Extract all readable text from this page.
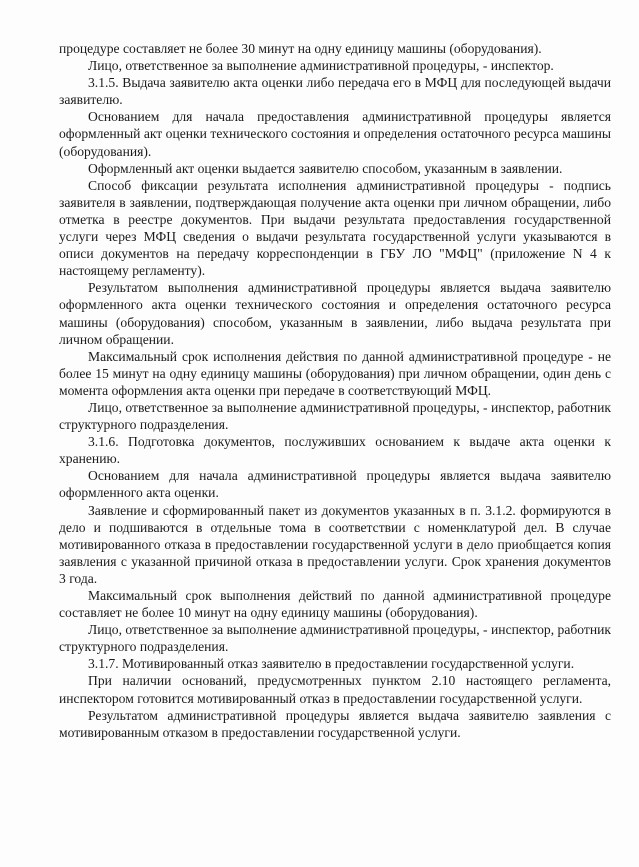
процедуре составляет не более 30 минут на одну единицу машины (оборудования).

Лицо, ответственное за выполнение административной процедуры, - инспектор.

3.1.5. Выдача заявителю акта оценки либо передача его в МФЦ для последующей выдачи заявителю.

Основанием для начала предоставления административной процедуры является оформленный акт оценки технического состояния и определения остаточного ресурса машины (оборудования).

Оформленный акт оценки выдается заявителю способом, указанным в заявлении.

Способ фиксации результата исполнения административной процедуры - подпись заявителя в заявлении, подтверждающая получение акта оценки при личном обращении, либо отметка в реестре документов. При выдачи результата предоставления государственной услуги через МФЦ сведения о выдачи результата государственной услуги указываются в описи документов на передачу корреспонденции в ГБУ ЛО "МФЦ" (приложение N 4 к настоящему регламенту).

Результатом выполнения административной процедуры является выдача заявителю оформленного акта оценки технического состояния и определения остаточного ресурса машины (оборудования) способом, указанным в заявлении, либо выдача результата при личном обращении.

Максимальный срок исполнения действия по данной административной процедуре - не более 15 минут на одну единицу машины (оборудования) при личном обращении, один день с момента оформления акта оценки при передаче в соответствующий МФЦ.

Лицо, ответственное за выполнение административной процедуры, - инспектор, работник структурного подразделения.

3.1.6. Подготовка документов, послуживших основанием к выдаче акта оценки к хранению.

Основанием для начала административной процедуры является выдача заявителю оформленного акта оценки.

Заявление и сформированный пакет из документов указанных в п. 3.1.2. формируются в дело и подшиваются в отдельные тома в соответствии с номенклатурой дел. В случае мотивированного отказа в предоставлении государственной услуги в дело приобщается копия заявления с указанной причиной отказа в предоставлении услуги. Срок хранения документов 3 года.

Максимальный срок выполнения действий по данной административной процедуре составляет не более 10 минут на одну единицу машины (оборудования).

Лицо, ответственное за выполнение административной процедуры, - инспектор, работник структурного подразделения.

3.1.7. Мотивированный отказ заявителю в предоставлении государственной услуги.

При наличии оснований, предусмотренных пунктом 2.10 настоящего регламента, инспектором готовится мотивированный отказ в предоставлении государственной услуги.

Результатом административной процедуры является выдача заявителю заявления с мотивированным отказом в предоставлении государственной услуги.
